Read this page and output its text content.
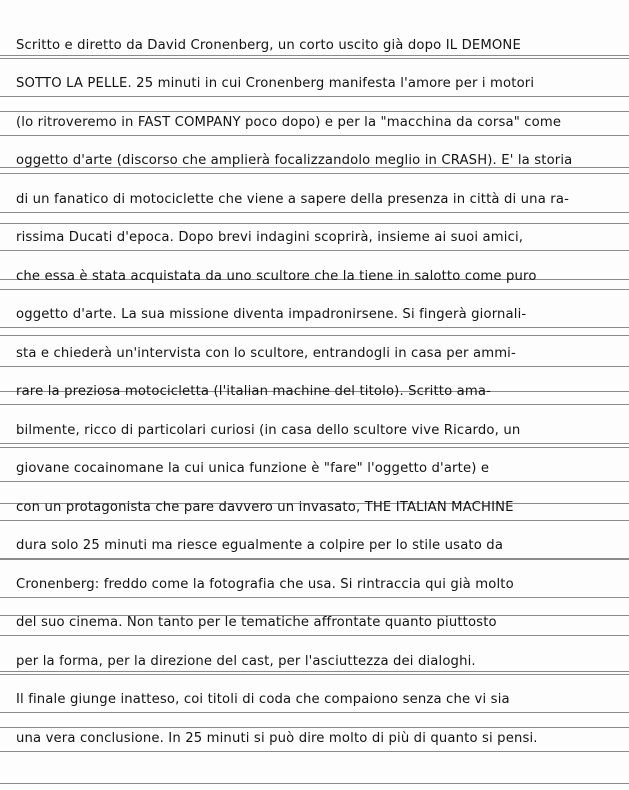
Scritto e diretto da David Cronenberg, un corto uscito già dopo IL DEMONE
SOTTO LA PELLE. 25 minuti in cui Cronenberg manifesta l'amore per i motori
(lo ritroveremo in FAST COMPANY poco dopo) e per la "macchina da corsa" come
oggetto d'arte (discorso che amplierà focalizzandolo meglio in CRASH). E' la storia
di un fanatico di motociclette che viene a sapere della presenza in città di una ra-
rissima Ducati d'epoca. Dopo brevi indagini scoprirà, insieme ai suoi amici,
che essa è stata acquistata da uno scultore che la tiene in salotto come puro
oggetto d'arte. La sua missione diventa impadronirsene. Si fingerà giornali-
sta e chiederà un'intervista con lo scultore, entrandogli in casa per ammi-
rare la preziosa motocicletta (l'italian machine del titolo). Scritto ama-
bilmente, ricco di particolari curiosi (in casa dello scultore vive Ricardo, un
giovane cocainomane la cui unica funzione è "fare" l'oggetto d'arte) e
con un protagonista che pare davvero un invasato, THE ITALIAN MACHINE
dura solo 25 minuti ma riesce egualmente a colpire per lo stile usato da
Cronenberg: freddo come la fotografia che usa. Si rintraccia qui già molto
del suo cinema. Non tanto per le tematiche affrontate quanto piuttosto
per la forma, per la direzione del cast, per l'asciuttezza dei dialoghi.
Il finale giunge inatteso, coi titoli di coda che compaiono senza che vi sia
una vera conclusione. In 25 minuti si può dire molto di più di quanto si pensi.
